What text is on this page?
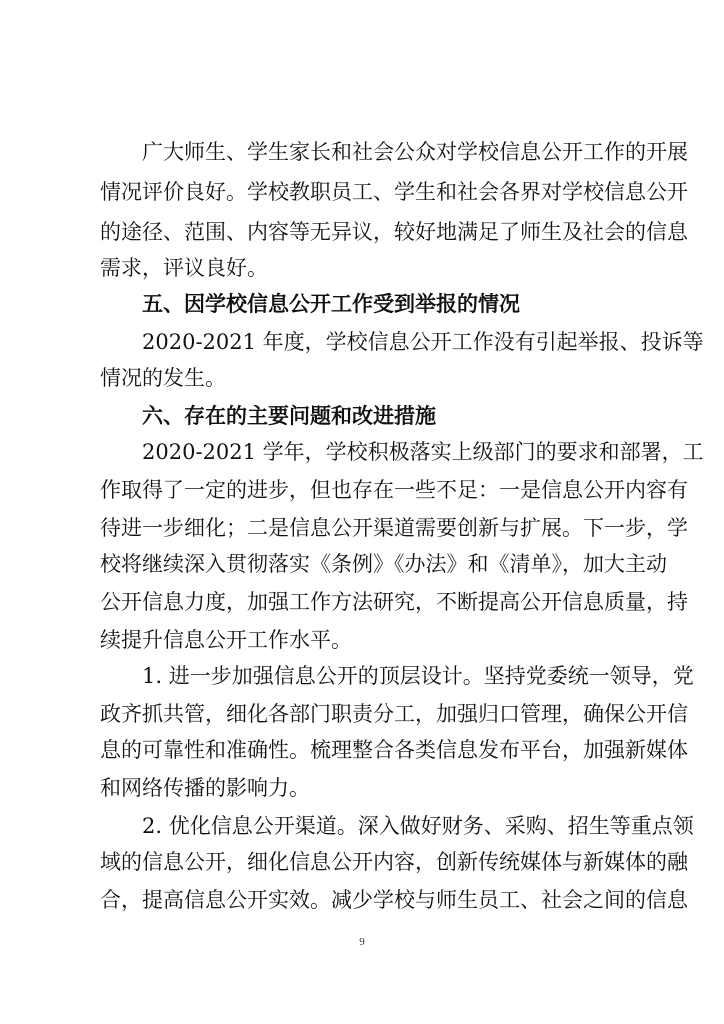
广大师生、学生家长和社会公众对学校信息公开工作的开展
情况评价良好。学校教职员工、学生和社会各界对学校信息公开
的途径、范围、内容等无异议，较好地满足了师生及社会的信息
需求，评议良好。
五、因学校信息公开工作受到举报的情况
2020-2021 年度，学校信息公开工作没有引起举报、投诉等
情况的发生。
六、存在的主要问题和改进措施
2020-2021 学年，学校积极落实上级部门的要求和部署，工
作取得了一定的进步，但也存在一些不足：一是信息公开内容有
待进一步细化；二是信息公开渠道需要创新与扩展。下一步，学
校将继续深入贯彻落实《条例》《办法》和《清单》，加大主动
公开信息力度，加强工作方法研究，不断提高公开信息质量，持
续提升信息公开工作水平。
1. 进一步加强信息公开的顶层设计。坚持党委统一领导，党
政齐抓共管，细化各部门职责分工，加强归口管理，确保公开信
息的可靠性和准确性。梳理整合各类信息发布平台，加强新媒体
和网络传播的影响力。
2. 优化信息公开渠道。深入做好财务、采购、招生等重点领
域的信息公开，细化信息公开内容，创新传统媒体与新媒体的融
合，提高信息公开实效。减少学校与师生员工、社会之间的信息
9
